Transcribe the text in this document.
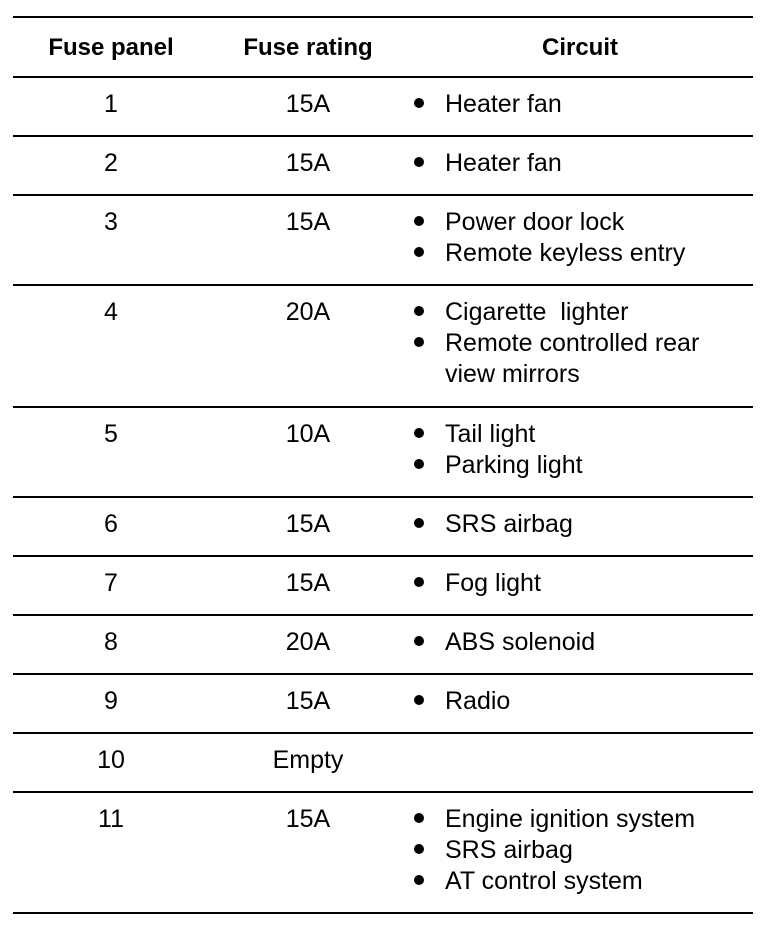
Fuse panel	Fuse rating	Circuit
1	15A	Heater fan
2	15A	Heater fan
3	15A	Power door lock
Remote keyless entry
4	20A	Cigarette  lighter
Remote controlled rear view mirrors
5	10A	Tail light
Parking light
6	15A	SRS airbag
7	15A	Fog light
8	20A	ABS solenoid
9	15A	Radio
10	Empty
11	15A	Engine ignition system
SRS airbag
AT control system
